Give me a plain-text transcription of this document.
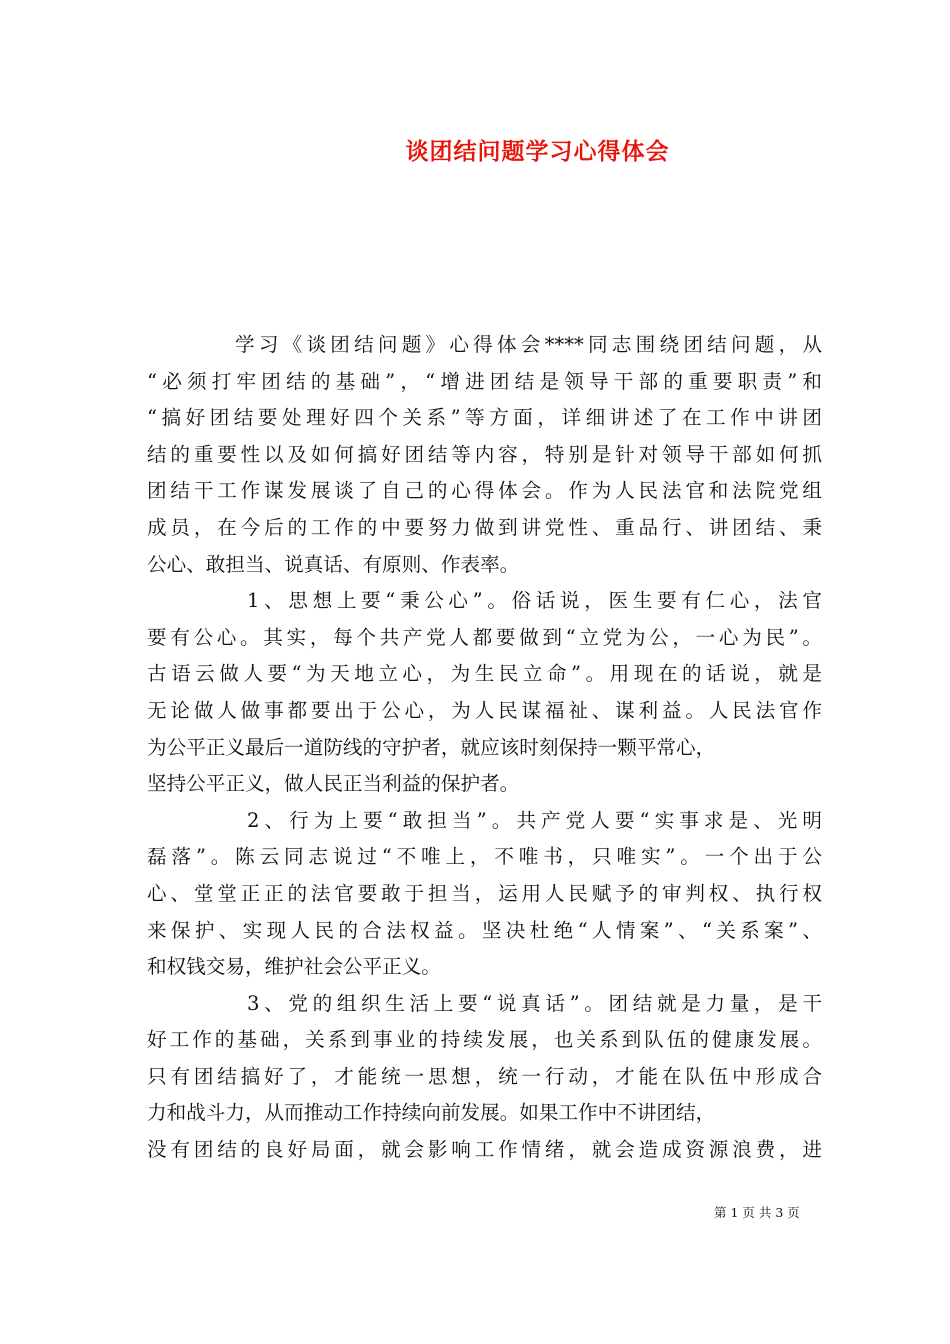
谈团结问题学习心得体会
学习《谈团结问题》心得体会****同志围绕团结问题，从
“必须打牢团结的基础”，“增进团结是领导干部的重要职责”和
“搞好团结要处理好四个关系”等方面，详细讲述了在工作中讲团
结的重要性以及如何搞好团结等内容，特别是针对领导干部如何抓
团结干工作谋发展谈了自己的心得体会。作为人民法官和法院党组
成员，在今后的工作的中要努力做到讲党性、重品行、讲团结、秉
公心、敢担当、说真话、有原则、作表率。
1、思想上要“秉公心”。俗话说，医生要有仁心，法官
要有公心。其实，每个共产党人都要做到“立党为公，一心为民”。
古语云做人要“为天地立心，为生民立命”。用现在的话说，就是
无论做人做事都要出于公心，为人民谋福祉、谋利益。人民法官作
为公平正义最后一道防线的守护者，就应该时刻保持一颗平常心，
坚持公平正义，做人民正当利益的保护者。
2、行为上要“敢担当”。共产党人要“实事求是、光明
磊落”。陈云同志说过“不唯上，不唯书，只唯实”。一个出于公
心、堂堂正正的法官要敢于担当，运用人民赋予的审判权、执行权
来保护、实现人民的合法权益。坚决杜绝“人情案”、“关系案”、
和权钱交易，维护社会公平正义。
3、党的组织生活上要“说真话”。团结就是力量，是干
好工作的基础，关系到事业的持续发展，也关系到队伍的健康发展。
只有团结搞好了，才能统一思想，统一行动，才能在队伍中形成合
力和战斗力，从而推动工作持续向前发展。如果工作中不讲团结，
没有团结的良好局面，就会影响工作情绪，就会造成资源浪费，进
第 1 页 共 3 页
